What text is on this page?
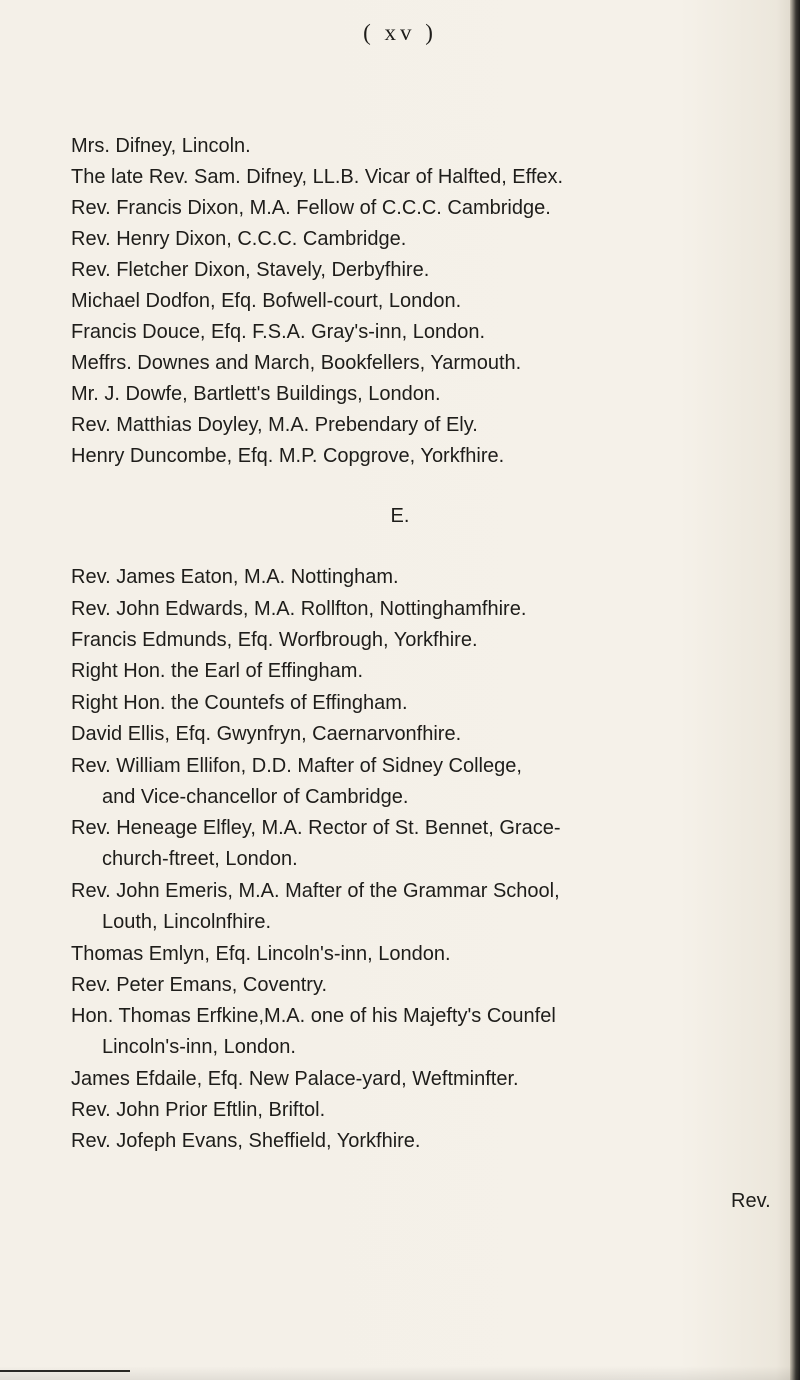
( xv )

Mrs. Difney, Lincoln.

The late Rev. Sam. Difney, LL.B. Vicar of Halfted, Effex.

Rev. Francis Dixon, M.A. Fellow of C.C.C. Cambridge.

Rev. Henry Dixon, C.C.C. Cambridge.

Rev. Fletcher Dixon, Stavely, Derbyfhire.

Michael Dodfon, Efq. Bofwell-court, London.

Francis Douce, Efq. F.S.A. Gray's-inn, London.

Meffrs. Downes and March, Bookfellers, Yarmouth.

Mr. J. Dowfe, Bartlett's Buildings, London.

Rev. Matthias Doyley, M.A. Prebendary of Ely.

Henry Duncombe, Efq. M.P. Copgrove, Yorkfhire.

E.

Rev. James Eaton, M.A. Nottingham.

Rev. John Edwards, M.A. Rollfton, Nottinghamfhire.

Francis Edmunds, Efq. Worfbrough, Yorkfhire.

Right Hon. the Earl of Effingham.

Right Hon. the Countefs of Effingham.

David Ellis, Efq. Gwynfryn, Caernarvonfhire.

Rev. William Ellifon, D.D. Mafter of Sidney College,

and Vice-chancellor of Cambridge.

Rev. Heneage Elfley, M.A. Rector of St. Bennet, Grace-

church-ftreet, London.

Rev. John Emeris, M.A. Mafter of the Grammar School,

Louth, Lincolnfhire.

Thomas Emlyn, Efq. Lincoln's-inn, London.

Rev. Peter Emans, Coventry.

Hon. Thomas Erfkine,M.A. one of his Majefty's Counfel

Lincoln's-inn, London.

James Efdaile, Efq. New Palace-yard, Weftminfter.

Rev. John Prior Eftlin, Briftol.

Rev. Jofeph Evans, Sheffield, Yorkfhire.

Rev.
